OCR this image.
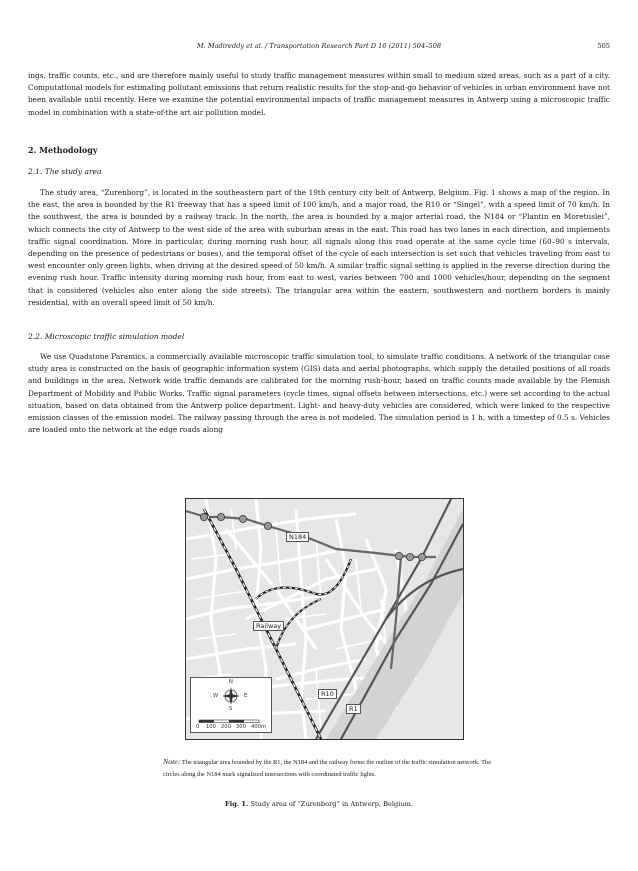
M. Madireddy et al. / Transportation Research Part D 16 (2011) 504–508	505

ings, traffic counts, etc., and are therefore mainly useful to study traffic management measures within small to medium sized areas, such as a part of a city. Computational models for estimating pollutant emissions that return realistic results for the stop-and-go behavior of vehicles in urban environment have not been available until recently. Here we examine the potential environmental impacts of traffic management measures in Antwerp using a microscopic traffic model in combination with a state-of-the art air pollution model.

2. Methodology

2.1. The study area

The study area, “Zurenborg”, is located in the southeastern part of the 19th century city belt of Antwerp, Belgium. Fig. 1 shows a map of the region. In the east, the area is bounded by the R1 freeway that has a speed limit of 100 km/h, and a major road, the R10 or “Singel”, with a speed limit of 70 km/h. In the southwest, the area is bounded by a railway track. In the north, the area is bounded by a major arterial road, the N184 or “Plantin en Moretuslei”, which connects the city of Antwerp to the west side of the area with suburban areas in the east. This road has two lanes in each direction, and implements traffic signal coordination. More in particular, during morning rush hour, all signals along this road operate at the same cycle time (60–90 s intervals, depending on the presence of pedestrians or buses), and the temporal offset of the cycle of each intersection is set such that vehicles traveling from east to west encounter only green lights, when driving at the desired speed of 50 km/h. A similar traffic signal setting is applied in the reverse direction during the evening rush hour. Traffic intensity during morning rush hour, from east to west, varies between 700 and 1000 vehicles/hour, depending on the segment that is considered (vehicles also enter along the side streets). The triangular area within the eastern, southwestern and northern borders is mainly residential, with an overall speed limit of 50 km/h.

2.2. Microscopic traffic simulation model

We use Quadstone Paramics, a commercially available microscopic traffic simulation tool, to simulate traffic conditions. A network of the triangular case study area is constructed on the basis of geographic information system (GIS) data and aerial photographs, which supply the detailed positions of all roads and buildings in the area. Network wide traffic demands are calibrated for the morning rush-hour, based on traffic counts made available by the Flemish Department of Mobility and Public Works. Traffic signal parameters (cycle times, signal offsets between intersections, etc.) were set according to the actual situation, based on data obtained from the Antwerp police department. Light- and heavy-duty vehicles are considered, which were linked to the respective emission classes of the emission model. The railway passing through the area is not modeled. The simulation period is 1 h, with a timestep of 0.5 s. Vehicles are loaded onto the network at the edge roads along

N184
Railway
R10
R1
N
S
E
W
0 100 200 300 400m

Note: The triangular area bounded by the R1, the N184 and the railway forms the outline of the traffic simulation network. The circles along the N184 mark signalized intersections with coordinated traffic lights.

Fig. 1. Study area of “Zurenborg” in Antwerp, Belgium.
